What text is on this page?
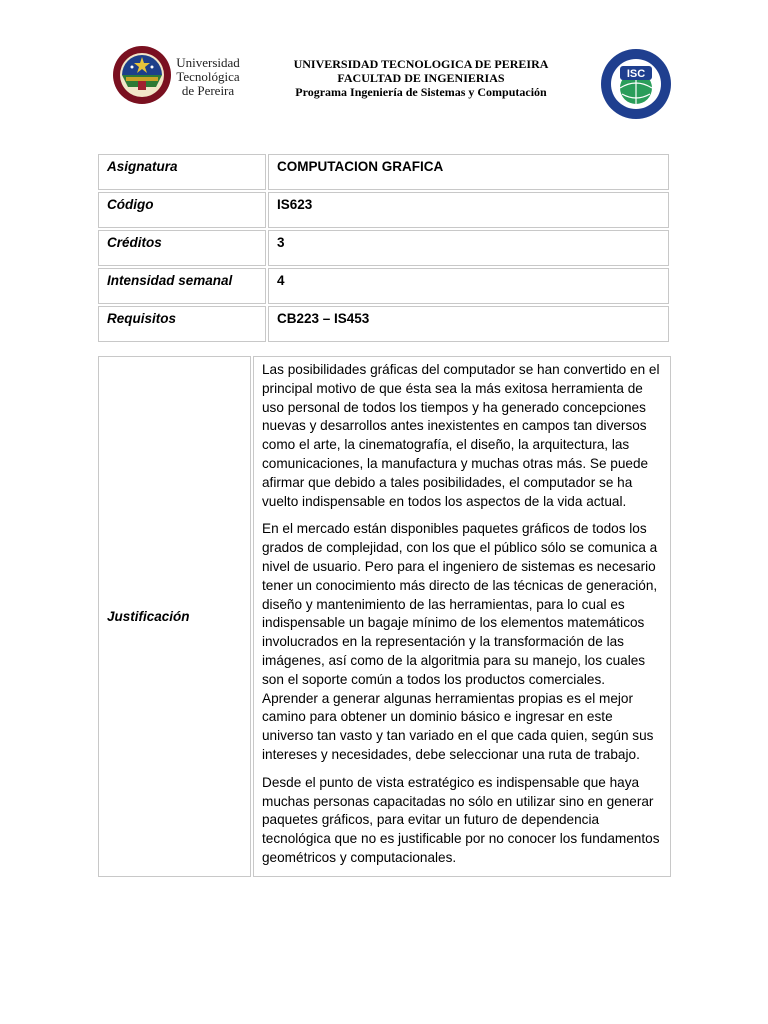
Universidad
Tecnológica
de Pereira
UNIVERSIDAD TECNOLOGICA DE PEREIRA
FACULTAD DE INGENIERIAS
Programa Ingeniería de Sistemas y Computación
ISC
Asignatura	COMPUTACION GRAFICA
Código	IS623
Créditos	3
Intensidad semanal	4
Requisitos	CB223 – IS453
Justificación	

Las posibilidades gráficas del computador se han convertido en el principal motivo de que ésta sea la más exitosa herramienta de uso personal de todos los tiempos y ha generado concepciones nuevas y desarrollos antes inexistentes en campos tan diversos como el arte, la cinematografía, el diseño, la arquitectura, las comunicaciones, la manufactura y muchas otras más. Se puede afirmar que debido a tales posibilidades, el computador se ha vuelto indispensable en todos los aspectos de la vida actual.

En el mercado están disponibles paquetes gráficos de todos los grados de complejidad, con los que el público sólo se comunica a nivel de usuario. Pero para el ingeniero de sistemas es necesario tener un conocimiento más directo de las técnicas de generación, diseño y mantenimiento de las herramientas, para lo cual es indispensable un bagaje mínimo de los elementos matemáticos involucrados en la representación y la transformación de las imágenes, así como de la algoritmia para su manejo, los cuales son el soporte común a todos los productos comerciales. Aprender a generar algunas herramientas propias es el mejor camino para obtener un dominio básico e ingresar en este universo tan vasto y tan variado en el que cada quien, según sus intereses y necesidades, debe seleccionar una ruta de trabajo.

Desde el punto de vista estratégico es indispensable que haya muchas personas capacitadas no sólo en utilizar sino en generar paquetes gráficos, para evitar un futuro de dependencia tecnológica que no es justificable por no conocer los fundamentos geométricos y computacionales.
